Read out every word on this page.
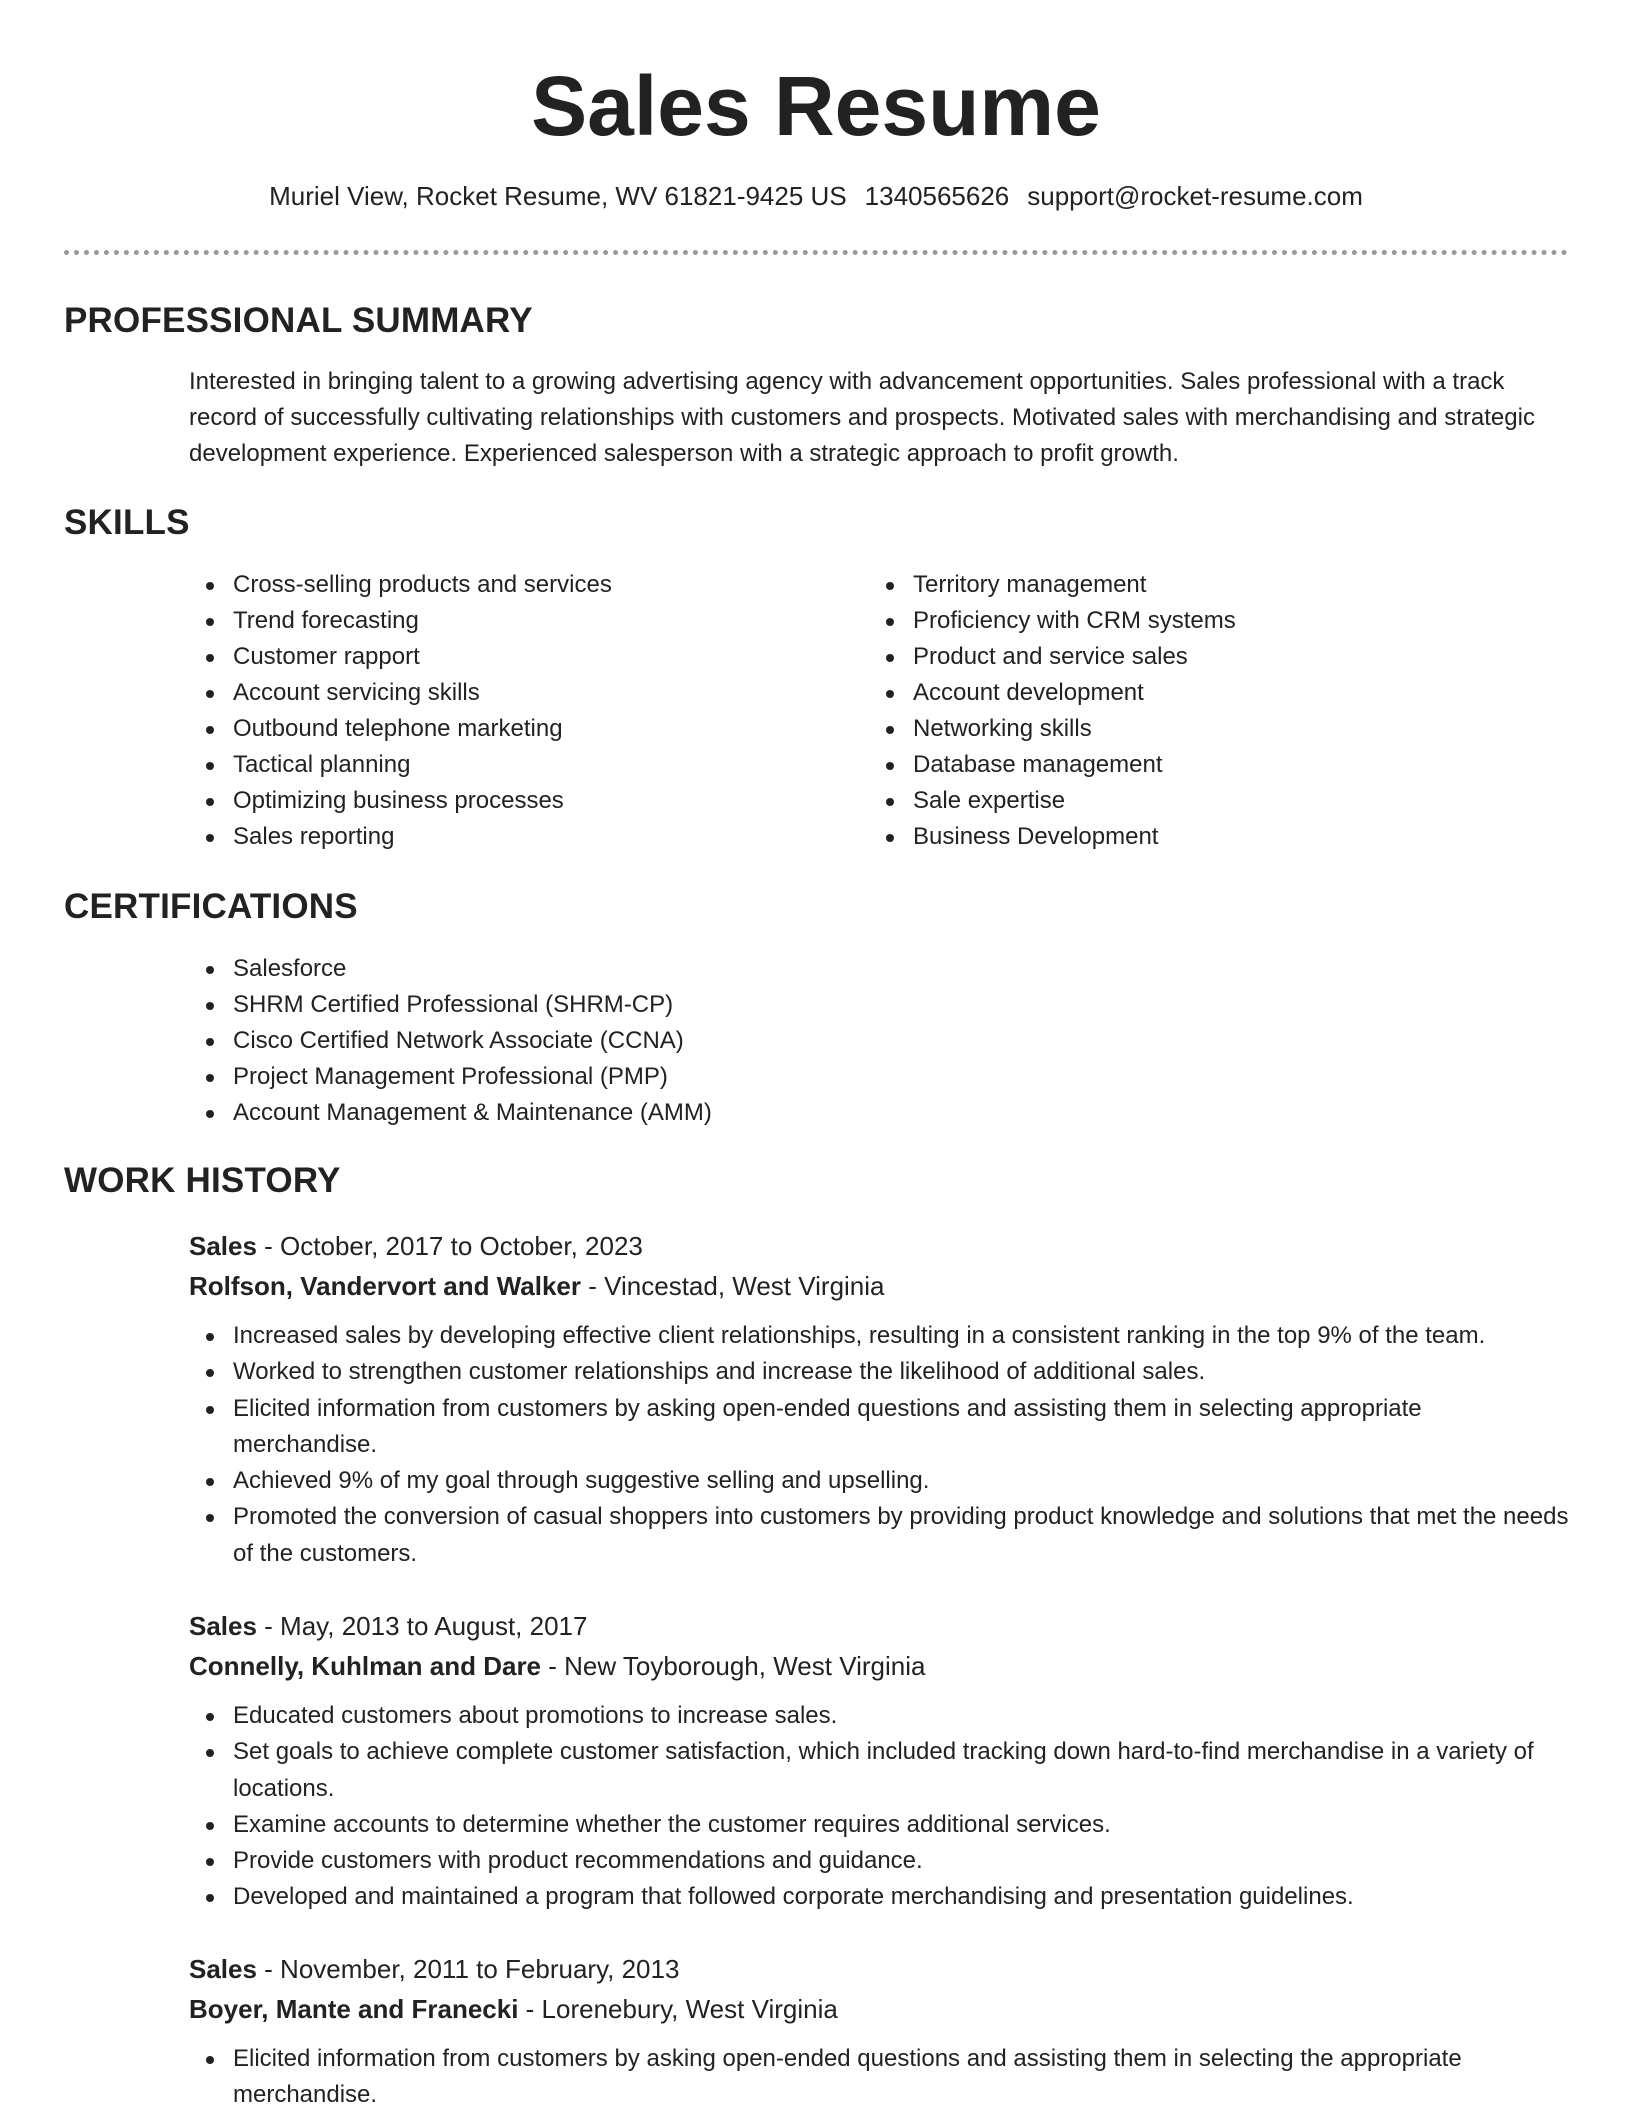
Sales Resume
Muriel View, Rocket Resume, WV 61821-9425 US 1340565626 support@rocket-resume.com
PROFESSIONAL SUMMARY

Interested in bringing talent to a growing advertising agency with advancement opportunities. Sales professional with a track record of successfully cultivating relationships with customers and prospects. Motivated sales with merchandising and strategic development experience. Experienced salesperson with a strategic approach to profit growth.

SKILLS
Cross-selling products and services
Trend forecasting
Customer rapport
Account servicing skills
Outbound telephone marketing
Tactical planning
Optimizing business processes
Sales reporting
Territory management
Proficiency with CRM systems
Product and service sales
Account development
Networking skills
Database management
Sale expertise
Business Development
CERTIFICATIONS
Salesforce
SHRM Certified Professional (SHRM-CP)
Cisco Certified Network Associate (CCNA)
Project Management Professional (PMP)
Account Management & Maintenance (AMM)
WORK HISTORY

Sales - October, 2017 to October, 2023

Rolfson, Vandervort and Walker - Vincestad, West Virginia

Increased sales by developing effective client relationships, resulting in a consistent ranking in the top 9% of the team.
Worked to strengthen customer relationships and increase the likelihood of additional sales.
Elicited information from customers by asking open-ended questions and assisting them in selecting appropriate merchandise.
Achieved 9% of my goal through suggestive selling and upselling.
Promoted the conversion of casual shoppers into customers by providing product knowledge and solutions that met the needs of the customers.

Sales - May, 2013 to August, 2017

Connelly, Kuhlman and Dare - New Toyborough, West Virginia

Educated customers about promotions to increase sales.
Set goals to achieve complete customer satisfaction, which included tracking down hard-to-find merchandise in a variety of locations.
Examine accounts to determine whether the customer requires additional services.
Provide customers with product recommendations and guidance.
Developed and maintained a program that followed corporate merchandising and presentation guidelines.

Sales - November, 2011 to February, 2013

Boyer, Mante and Franecki - Lorenebury, West Virginia

Elicited information from customers by asking open-ended questions and assisting them in selecting the appropriate merchandise.
